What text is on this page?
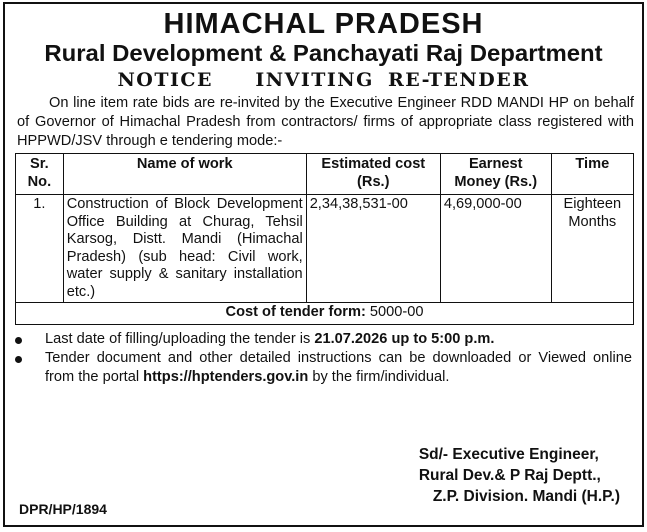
HIMACHAL PRADESH
Rural Development & Panchayati Raj Department
NOTICE   INVITING RE-TENDER
On line item rate bids are re-invited by the Executive Engineer RDD MANDI HP on behalf of Governor of Himachal Pradesh from contractors/ firms of appropriate class registered with HPPWD/JSV through e tendering mode:-
Sr. No.	Name of work	Estimated cost (Rs.)	Earnest Money (Rs.)	Time
1.	Construction of Block Development Office Building at Churag, Tehsil Karsog, Distt. Mandi (Himachal Pradesh) (sub head: Civil work, water supply & sanitary installation etc.)	2,34,38,531-00	4,69,000-00	Eighteen Months
Cost of tender form: 5000-00				
Last date of filling/uploading the tender is 21.07.2026 up to 5:00 p.m.
Tender document and other detailed instructions can be downloaded or Viewed online from the portal https://hptenders.gov.in by the firm/individual.
Sd/- Executive Engineer,
Rural Dev.& P Raj Deptt.,
Z.P. Division. Mandi (H.P.)
DPR/HP/1894
